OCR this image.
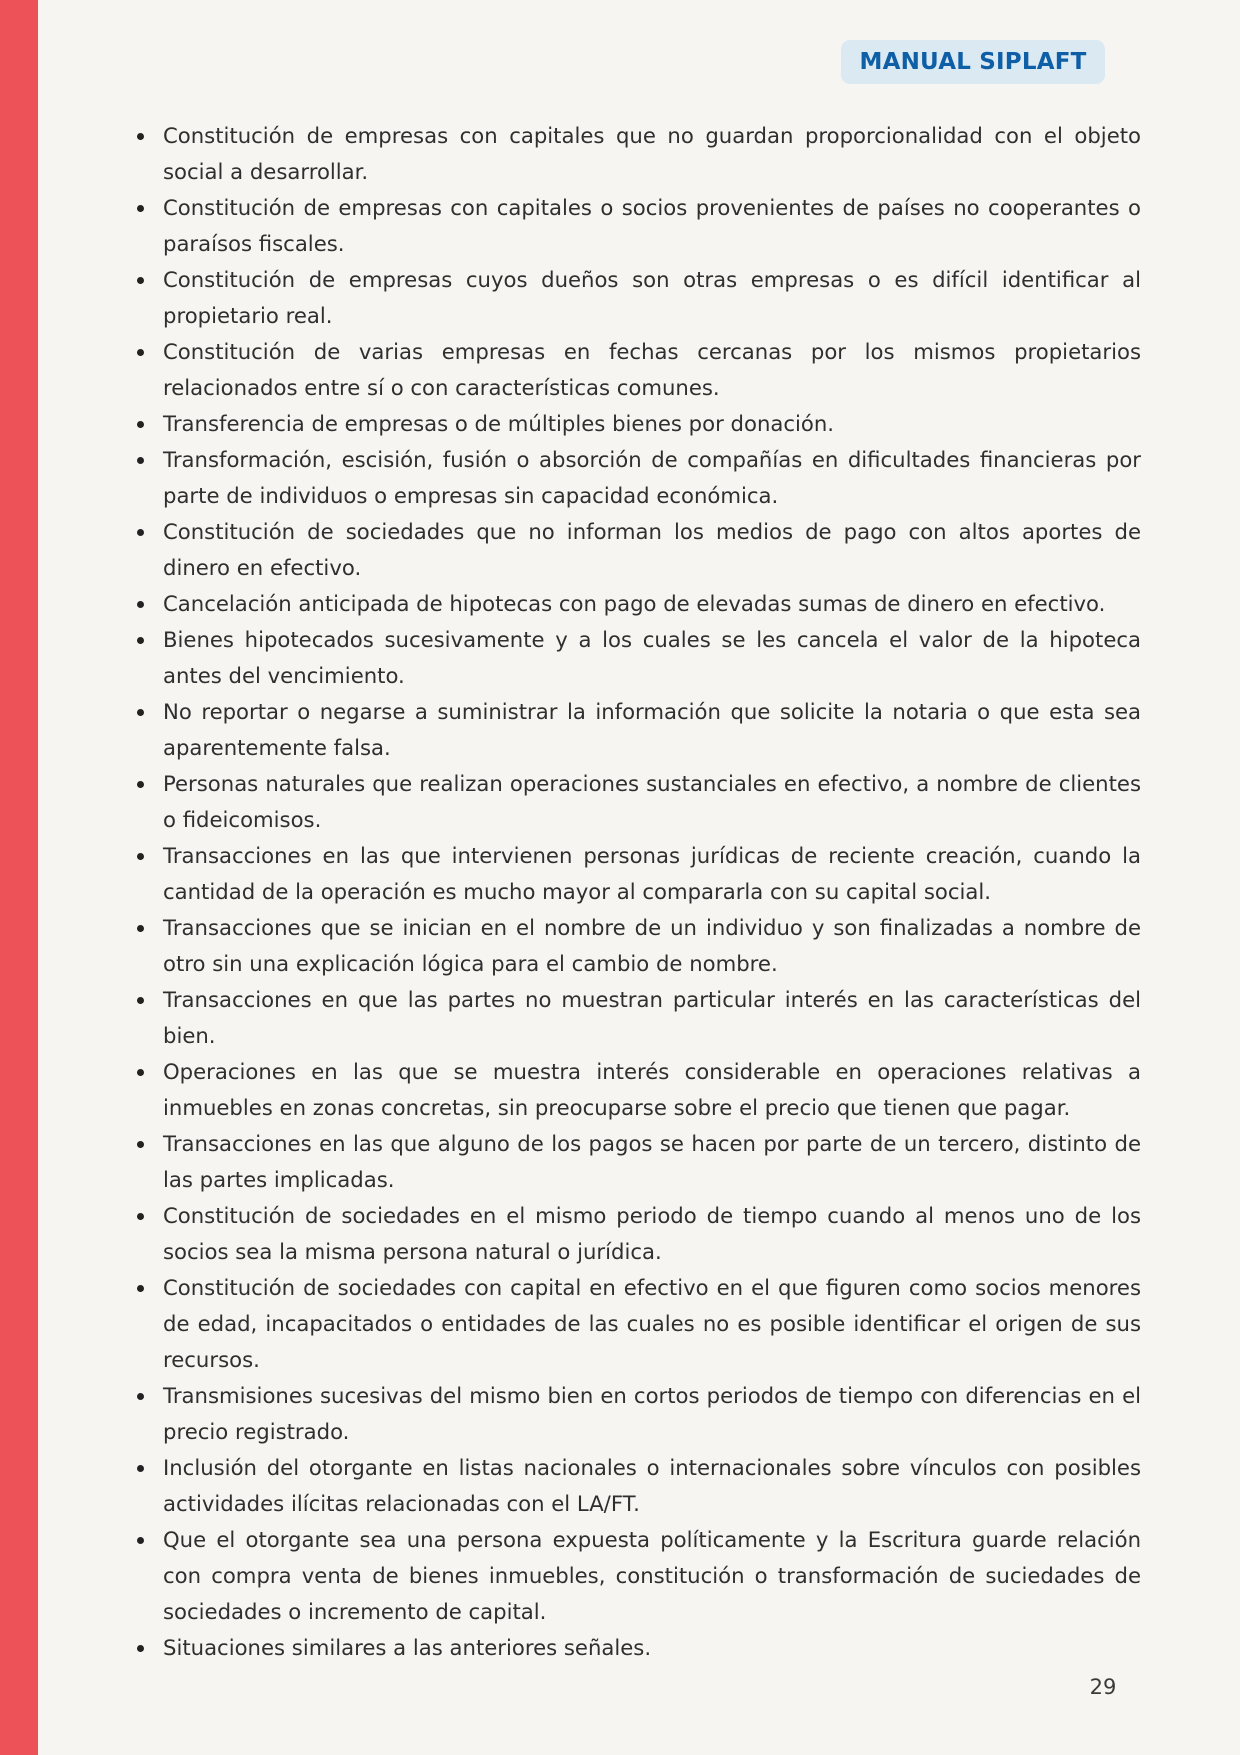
MANUAL SIPLAFT
Constitución de empresas con capitales que no guardan proporcionalidad con el objeto social a desarrollar.
Constitución de empresas con capitales o socios provenientes de países no cooperantes o paraísos fiscales.
Constitución de empresas cuyos dueños son otras empresas o es difícil identificar al propietario real.
Constitución de varias empresas en fechas cercanas por los mismos propietarios relacionados entre sí o con características comunes.
Transferencia de empresas o de múltiples bienes por donación.
Transformación, escisión, fusión o absorción de compañías en dificultades financieras por parte de individuos o empresas sin capacidad económica.
Constitución de sociedades que no informan los medios de pago con altos aportes de dinero en efectivo.
Cancelación anticipada de hipotecas con pago de elevadas sumas de dinero en efectivo.
Bienes hipotecados sucesivamente y a los cuales se les cancela el valor de la hipoteca antes del vencimiento.
No reportar o negarse a suministrar la información que solicite la notaria o que esta sea aparentemente falsa.
Personas naturales que realizan operaciones sustanciales en efectivo, a nombre de clientes o fideicomisos.
Transacciones en las que intervienen personas jurídicas de reciente creación, cuando la cantidad de la operación es mucho mayor al compararla con su capital social.
Transacciones que se inician en el nombre de un individuo y son finalizadas a nombre de otro sin una explicación lógica para el cambio de nombre.
Transacciones en que las partes no muestran particular interés en las características del bien.
Operaciones en las que se muestra interés considerable en operaciones relativas a inmuebles en zonas concretas, sin preocuparse sobre el precio que tienen que pagar.
Transacciones en las que alguno de los pagos se hacen por parte de un tercero, distinto de las partes implicadas.
Constitución de sociedades en el mismo periodo de tiempo cuando al menos uno de los socios sea la misma persona natural o jurídica.
Constitución de sociedades con capital en efectivo en el que figuren como socios menores de edad, incapacitados o entidades de las cuales no es posible identificar el origen de sus recursos.
Transmisiones sucesivas del mismo bien en cortos periodos de tiempo con diferencias en el precio registrado.
Inclusión del otorgante en listas nacionales o internacionales sobre vínculos con posibles actividades ilícitas relacionadas con el LA/FT.
Que el otorgante sea una persona expuesta políticamente y la Escritura guarde relación con compra venta de bienes inmuebles, constitución o transformación de suciedades de sociedades o incremento de capital.
Situaciones similares a las anteriores señales.
29
